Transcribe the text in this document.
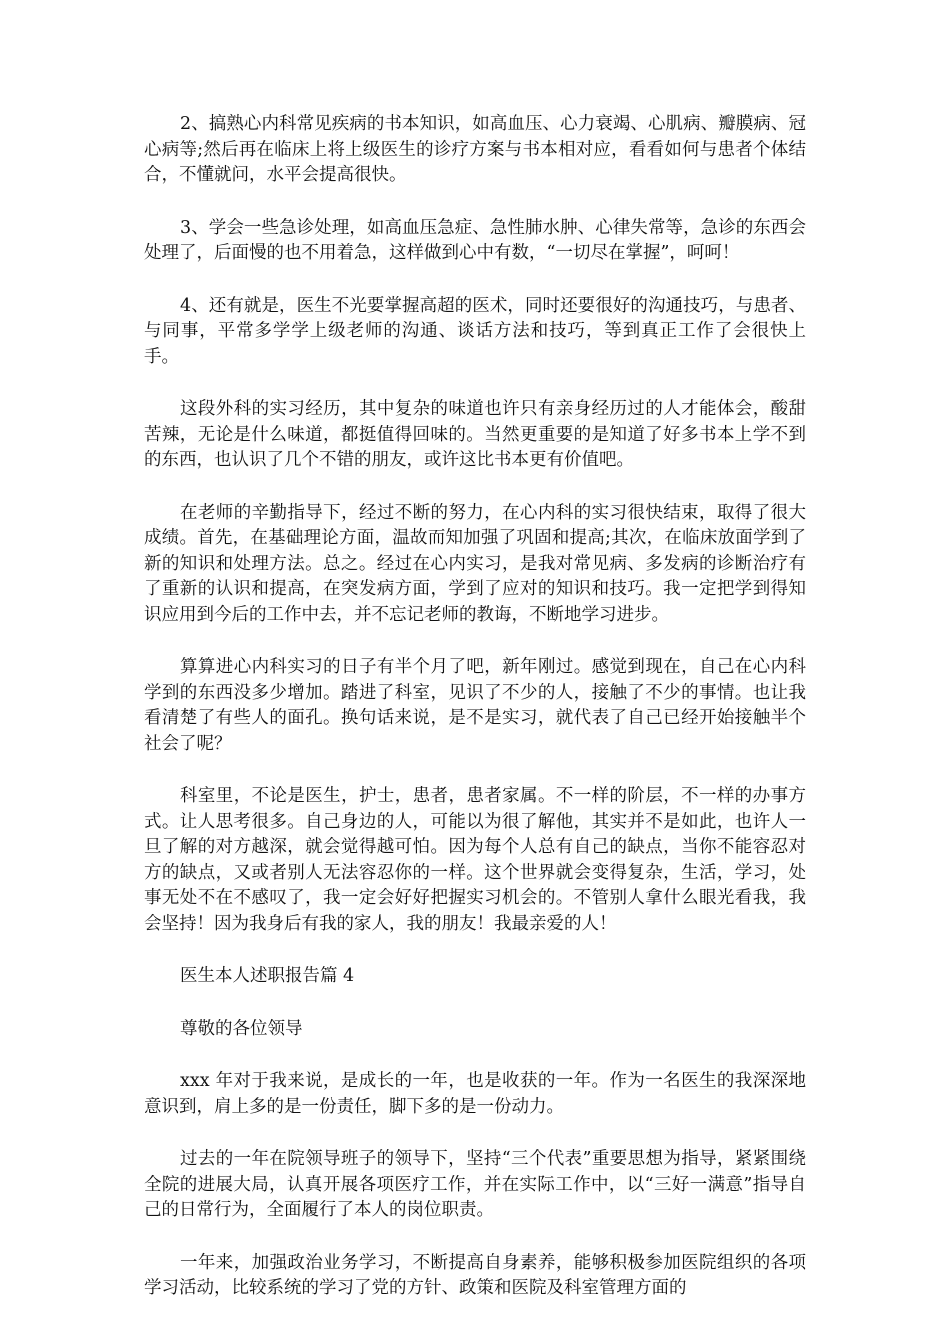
2、搞熟心内科常见疾病的书本知识，如高血压、心力衰竭、心肌病、瓣膜病、冠心病等;然后再在临床上将上级医生的诊疗方案与书本相对应，看看如何与患者个体结合，不懂就问，水平会提高很快。

3、学会一些急诊处理，如高血压急症、急性肺水肿、心律失常等，急诊的东西会处理了，后面慢的也不用着急，这样做到心中有数，“一切尽在掌握”，呵呵！

4、还有就是，医生不光要掌握高超的医术，同时还要很好的沟通技巧，与患者、与同事，平常多学学上级老师的沟通、谈话方法和技巧，等到真正工作了会很快上手。

这段外科的实习经历，其中复杂的味道也许只有亲身经历过的人才能体会，酸甜苦辣，无论是什么味道，都挺值得回味的。当然更重要的是知道了好多书本上学不到的东西，也认识了几个不错的朋友，或许这比书本更有价值吧。

在老师的辛勤指导下，经过不断的努力，在心内科的实习很快结束，取得了很大成绩。首先，在基础理论方面，温故而知加强了巩固和提高;其次，在临床放面学到了新的知识和处理方法。总之。经过在心内实习，是我对常见病、多发病的诊断治疗有了重新的认识和提高，在突发病方面，学到了应对的知识和技巧。我一定把学到得知识应用到今后的工作中去，并不忘记老师的教诲，不断地学习进步。

算算进心内科实习的日子有半个月了吧，新年刚过。感觉到现在，自己在心内科学到的东西没多少增加。踏进了科室，见识了不少的人，接触了不少的事情。也让我看清楚了有些人的面孔。换句话来说，是不是实习，就代表了自己已经开始接触半个社会了呢？

科室里，不论是医生，护士，患者，患者家属。不一样的阶层，不一样的办事方式。让人思考很多。自己身边的人，可能以为很了解他，其实并不是如此，也许人一旦了解的对方越深，就会觉得越可怕。因为每个人总有自己的缺点，当你不能容忍对方的缺点，又或者别人无法容忍你的一样。这个世界就会变得复杂，生活，学习，处事无处不在不感叹了，我一定会好好把握实习机会的。不管别人拿什么眼光看我，我会坚持！因为我身后有我的家人，我的朋友！我最亲爱的人！

医生本人述职报告篇 4

尊敬的各位领导

xxx 年对于我来说，是成长的一年，也是收获的一年。作为一名医生的我深深地意识到，肩上多的是一份责任，脚下多的是一份动力。

过去的一年在院领导班子的领导下，坚持“三个代表”重要思想为指导，紧紧围绕全院的进展大局，认真开展各项医疗工作，并在实际工作中，以“三好一满意”指导自己的日常行为，全面履行了本人的岗位职责。

一年来，加强政治业务学习，不断提高自身素养，能够积极参加医院组织的各项学习活动，比较系统的学习了党的方针、政策和医院及科室管理方面的
